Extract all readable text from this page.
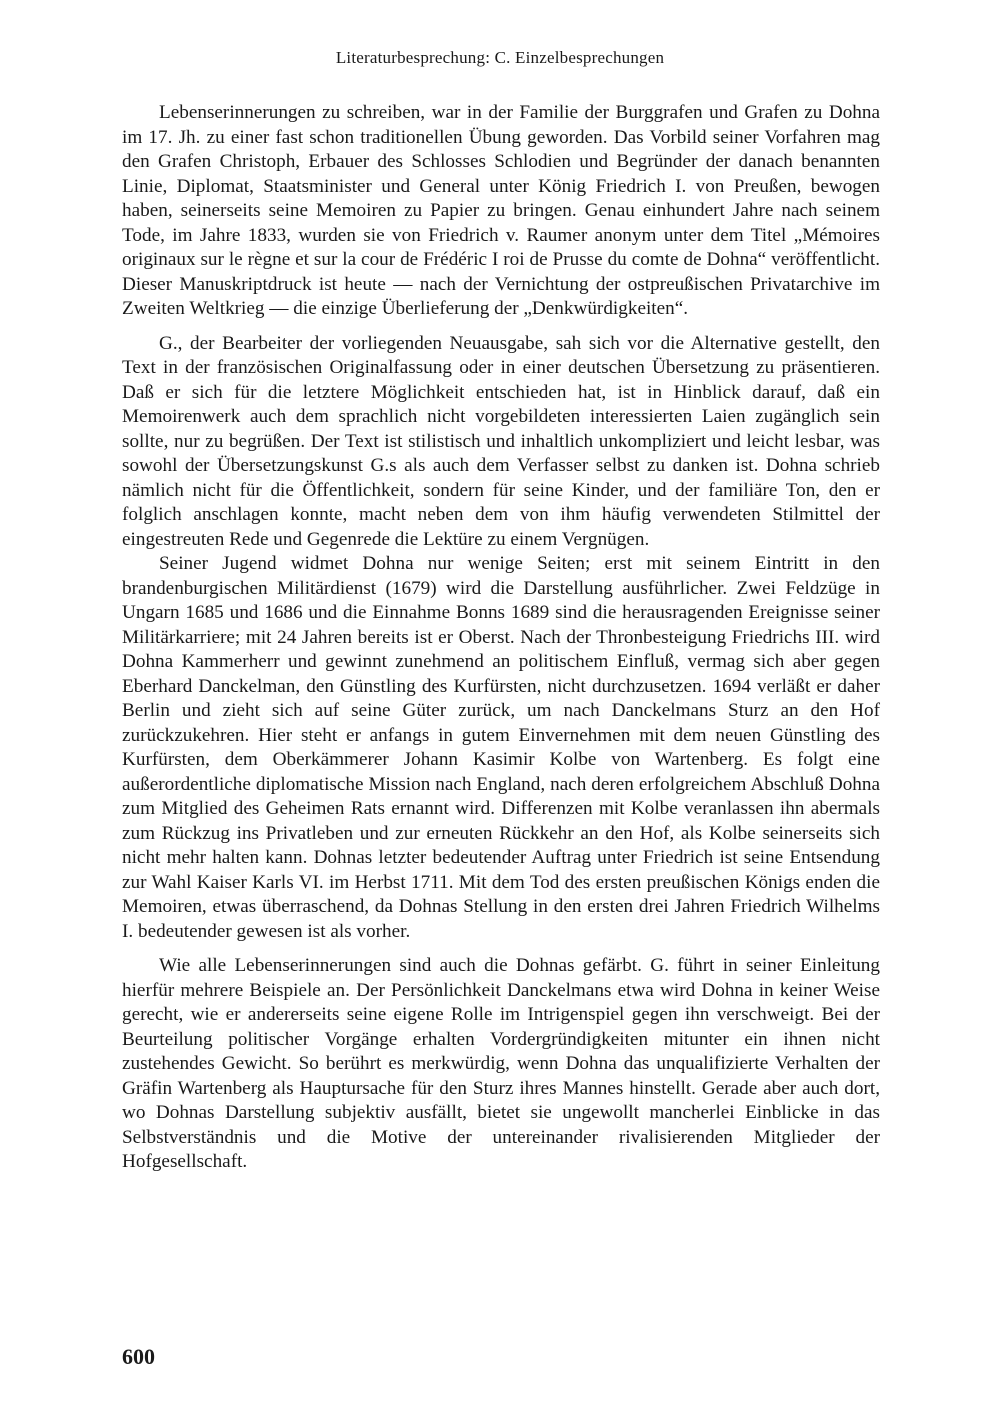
Literaturbesprechung: C. Einzelbesprechungen

Lebenserinnerungen zu schreiben, war in der Familie der Burggrafen und Grafen zu Dohna im 17. Jh. zu einer fast schon traditionellen Übung geworden. Das Vorbild seiner Vorfahren mag den Grafen Christoph, Erbauer des Schlosses Schlodien und Begründer der danach benannten Linie, Diplomat, Staatsminister und General unter König Friedrich I. von Preußen, bewogen haben, seinerseits seine Memoiren zu Papier zu bringen. Genau einhundert Jahre nach seinem Tode, im Jahre 1833, wurden sie von Friedrich v. Raumer anonym unter dem Titel „Mémoires originaux sur le règne et sur la cour de Frédéric I roi de Prusse du comte de Dohna“ veröffentlicht. Dieser Manuskriptdruck ist heute — nach der Vernichtung der ostpreußischen Privatarchive im Zweiten Weltkrieg — die einzige Überlieferung der „Denkwürdigkeiten“.

G., der Bearbeiter der vorliegenden Neuausgabe, sah sich vor die Alternative gestellt, den Text in der französischen Originalfassung oder in einer deutschen Übersetzung zu präsentieren. Daß er sich für die letztere Möglichkeit entschieden hat, ist in Hinblick darauf, daß ein Memoirenwerk auch dem sprachlich nicht vorgebildeten interessierten Laien zugänglich sein sollte, nur zu begrüßen. Der Text ist stilistisch und inhaltlich unkompliziert und leicht lesbar, was sowohl der Übersetzungskunst G.s als auch dem Verfasser selbst zu danken ist. Dohna schrieb nämlich nicht für die Öffentlichkeit, sondern für seine Kinder, und der familiäre Ton, den er folglich anschlagen konnte, macht neben dem von ihm häufig verwendeten Stilmittel der eingestreuten Rede und Gegenrede die Lektüre zu einem Vergnügen.

Seiner Jugend widmet Dohna nur wenige Seiten; erst mit seinem Eintritt in den brandenburgischen Militärdienst (1679) wird die Darstellung ausführlicher. Zwei Feldzüge in Ungarn 1685 und 1686 und die Einnahme Bonns 1689 sind die herausragenden Ereignisse seiner Militärkarriere; mit 24 Jahren bereits ist er Oberst. Nach der Thronbesteigung Friedrichs III. wird Dohna Kammerherr und gewinnt zunehmend an politischem Einfluß, vermag sich aber gegen Eberhard Danckelman, den Günstling des Kurfürsten, nicht durchzusetzen. 1694 verläßt er daher Berlin und zieht sich auf seine Güter zurück, um nach Danckelmans Sturz an den Hof zurückzukehren. Hier steht er anfangs in gutem Einvernehmen mit dem neuen Günstling des Kurfürsten, dem Oberkämmerer Johann Kasimir Kolbe von Wartenberg. Es folgt eine außerordentliche diplomatische Mission nach England, nach deren erfolgreichem Abschluß Dohna zum Mitglied des Geheimen Rats ernannt wird. Differenzen mit Kolbe veranlassen ihn abermals zum Rückzug ins Privatleben und zur erneuten Rückkehr an den Hof, als Kolbe seinerseits sich nicht mehr halten kann. Dohnas letzter bedeutender Auftrag unter Friedrich ist seine Entsendung zur Wahl Kaiser Karls VI. im Herbst 1711. Mit dem Tod des ersten preußischen Königs enden die Memoiren, etwas überraschend, da Dohnas Stellung in den ersten drei Jahren Friedrich Wilhelms I. bedeutender gewesen ist als vorher.

Wie alle Lebenserinnerungen sind auch die Dohnas gefärbt. G. führt in seiner Einleitung hierfür mehrere Beispiele an. Der Persönlichkeit Danckelmans etwa wird Dohna in keiner Weise gerecht, wie er andererseits seine eigene Rolle im Intrigenspiel gegen ihn verschweigt. Bei der Beurteilung politischer Vorgänge erhalten Vordergründigkeiten mitunter ein ihnen nicht zustehendes Gewicht. So berührt es merkwürdig, wenn Dohna das unqualifizierte Verhalten der Gräfin Wartenberg als Hauptursache für den Sturz ihres Mannes hinstellt. Gerade aber auch dort, wo Dohnas Darstellung subjektiv ausfällt, bietet sie ungewollt mancherlei Einblicke in das Selbstverständnis und die Motive der untereinander rivalisierenden Mitglieder der Hofgesellschaft.

600
